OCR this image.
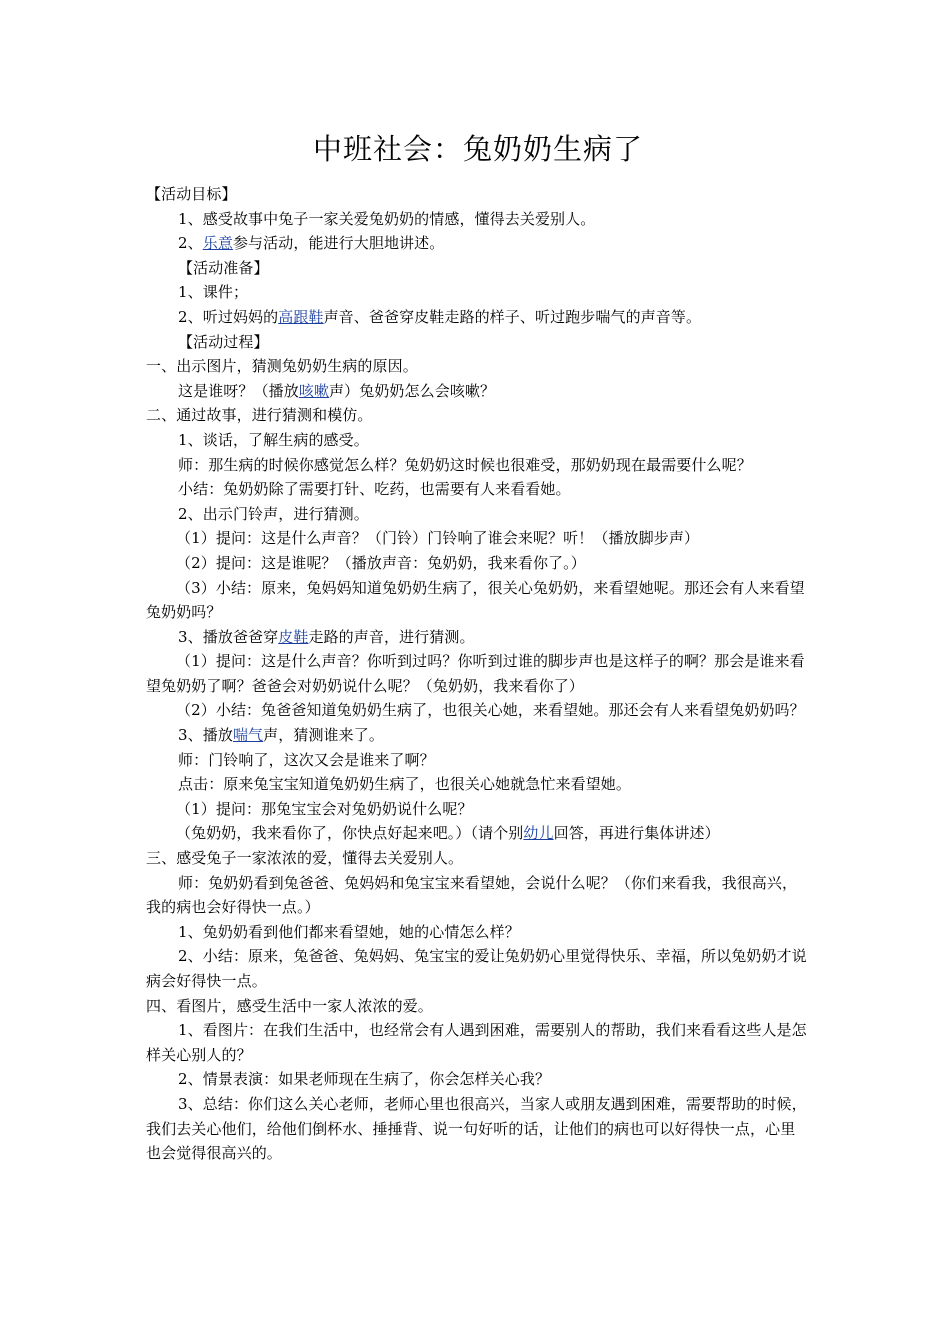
中班社会：兔奶奶生病了

【活动目标】

1、感受故事中兔子一家关爱兔奶奶的情感，懂得去关爱别人。

2、乐意参与活动，能进行大胆地讲述。

【活动准备】

1、课件；

2、听过妈妈的高跟鞋声音、爸爸穿皮鞋走路的样子、听过跑步喘气的声音等。

【活动过程】

一、出示图片，猜测兔奶奶生病的原因。

这是谁呀？（播放咳嗽声）兔奶奶怎么会咳嗽？

二、通过故事，进行猜测和模仿。

1、谈话，了解生病的感受。

师：那生病的时候你感觉怎么样？兔奶奶这时候也很难受，那奶奶现在最需要什么呢？

小结：兔奶奶除了需要打针、吃药，也需要有人来看看她。

2、出示门铃声，进行猜测。

（1）提问：这是什么声音？（门铃）门铃响了谁会来呢？听！（播放脚步声）

（2）提问：这是谁呢？（播放声音：兔奶奶，我来看你了。）

（3）小结：原来，兔妈妈知道兔奶奶生病了，很关心兔奶奶，来看望她呢。那还会有人来看望兔奶奶吗？

3、播放爸爸穿皮鞋走路的声音，进行猜测。

（1）提问：这是什么声音？你听到过吗？你听到过谁的脚步声也是这样子的啊？那会是谁来看望兔奶奶了啊？爸爸会对奶奶说什么呢？（兔奶奶，我来看你了）

（2）小结：兔爸爸知道兔奶奶生病了，也很关心她，来看望她。那还会有人来看望兔奶奶吗？

3、播放喘气声，猜测谁来了。

师：门铃响了，这次又会是谁来了啊？

点击：原来兔宝宝知道兔奶奶生病了，也很关心她就急忙来看望她。

（1）提问：那兔宝宝会对兔奶奶说什么呢？

（兔奶奶，我来看你了，你快点好起来吧。）（请个别幼儿回答，再进行集体讲述）

三、感受兔子一家浓浓的爱，懂得去关爱别人。

师：兔奶奶看到兔爸爸、兔妈妈和兔宝宝来看望她，会说什么呢？（你们来看我，我很高兴，我的病也会好得快一点。）

1、兔奶奶看到他们都来看望她，她的心情怎么样？

2、小结：原来，兔爸爸、兔妈妈、兔宝宝的爱让兔奶奶心里觉得快乐、幸福，所以兔奶奶才说病会好得快一点。

四、看图片，感受生活中一家人浓浓的爱。

1、看图片：在我们生活中，也经常会有人遇到困难，需要别人的帮助，我们来看看这些人是怎样关心别人的？

2、情景表演：如果老师现在生病了，你会怎样关心我？

3、总结：你们这么关心老师，老师心里也很高兴，当家人或朋友遇到困难，需要帮助的时候，我们去关心他们，给他们倒杯水、捶捶背、说一句好听的话，让他们的病也可以好得快一点，心里也会觉得很高兴的。
